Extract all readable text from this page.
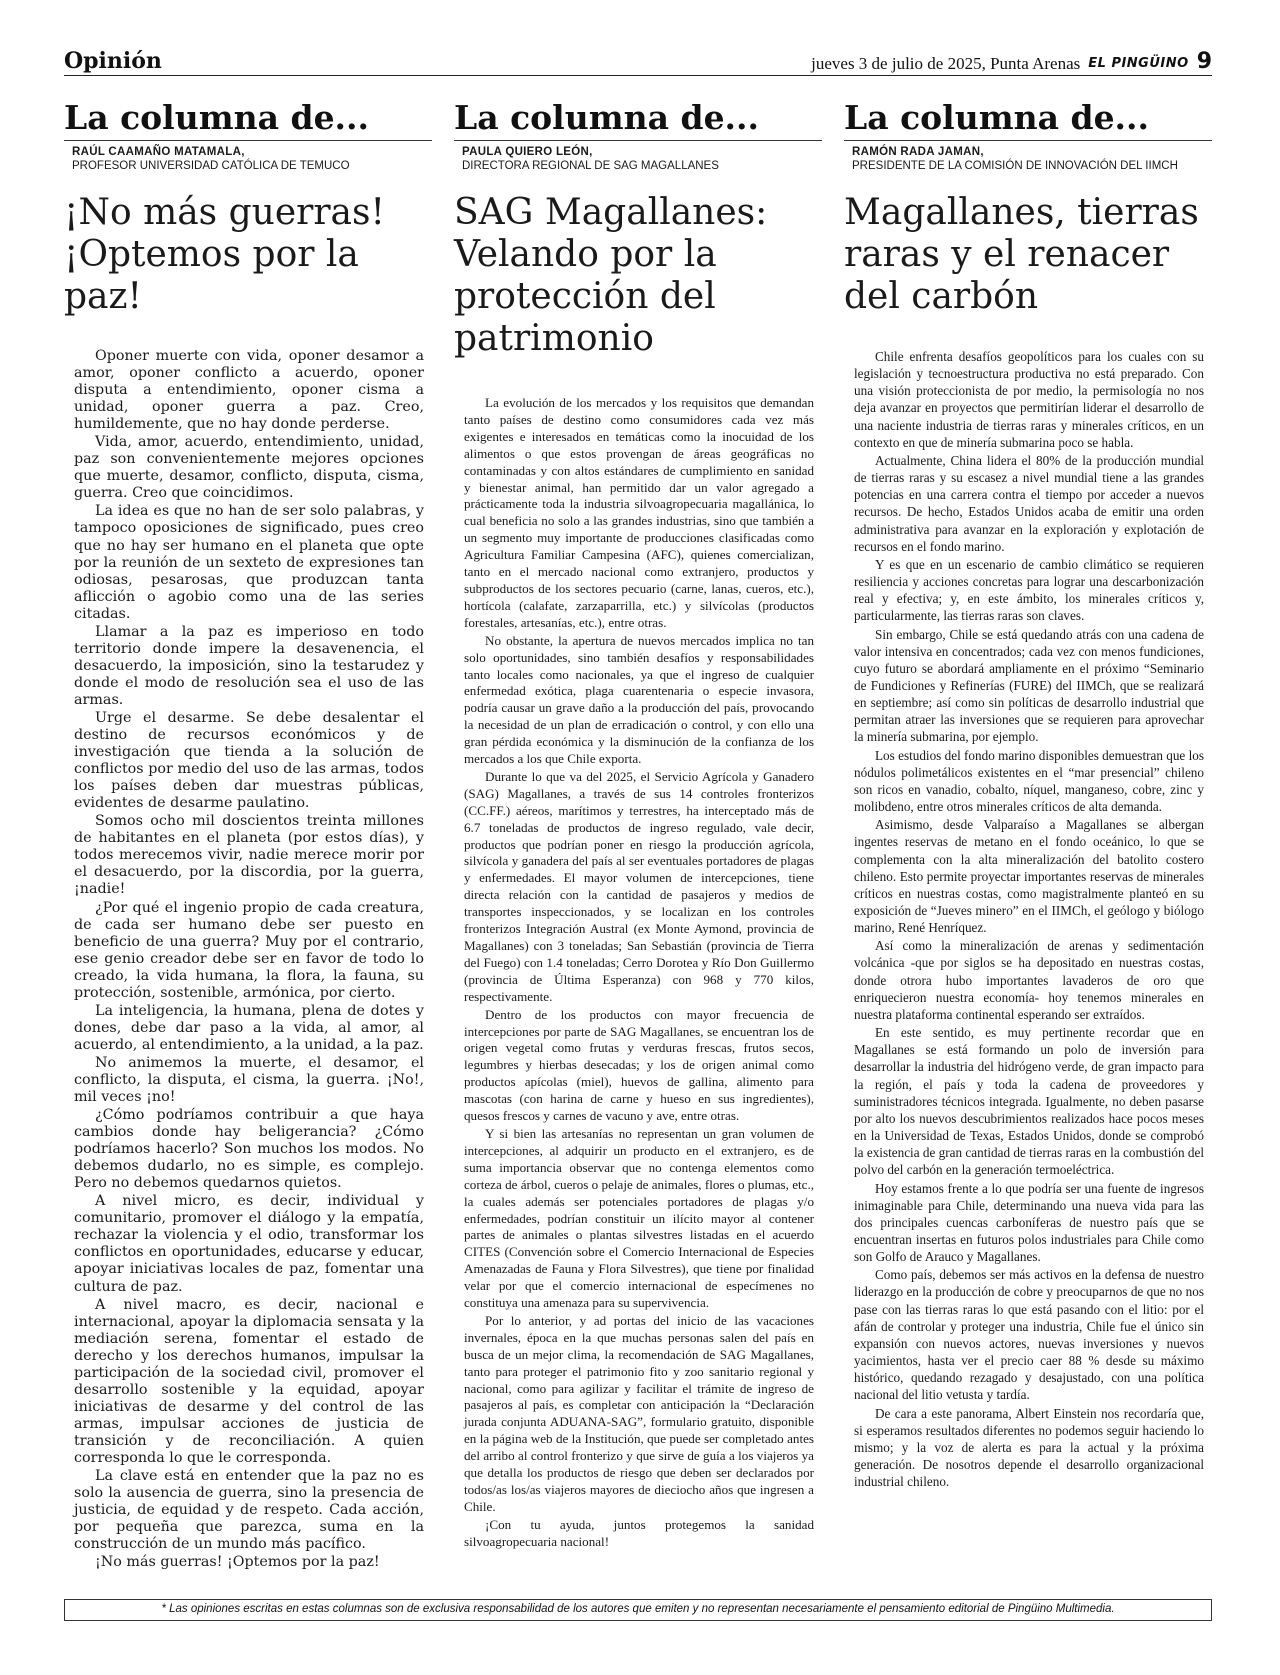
Opinión	jueves 3 de julio de 2025, Punta Arenas EL PINGÜINO 9
La columna de...
RAÚL CAAMAÑO MATAMALA,
PROFESOR UNIVERSIDAD CATÓLICA DE TEMUCO
¡No más guerras! ¡Optemos por la paz!

Oponer muerte con vida, oponer desamor a amor, oponer conflicto a acuerdo, oponer disputa a entendimiento, oponer cisma a unidad, oponer guerra a paz. Creo, humildemente, que no hay donde perderse.

Vida, amor, acuerdo, entendimiento, unidad, paz son convenientemente mejores opciones que muerte, desamor, conflicto, disputa, cisma, guerra. Creo que coincidimos.

La idea es que no han de ser solo palabras, y tampoco oposiciones de significado, pues creo que no hay ser humano en el planeta que opte por la reunión de un sexteto de expresiones tan odiosas, pesarosas, que produzcan tanta aflicción o agobio como una de las series citadas.

Llamar a la paz es imperioso en todo territorio donde impere la desavenencia, el desacuerdo, la imposición, sino la testarudez y donde el modo de resolución sea el uso de las armas.

Urge el desarme. Se debe desalentar el destino de recursos económicos y de investigación que tienda a la solución de conflictos por medio del uso de las armas, todos los países deben dar muestras públicas, evidentes de desarme paulatino.

Somos ocho mil doscientos treinta millones de habitantes en el planeta (por estos días), y todos merecemos vivir, nadie merece morir por el desacuerdo, por la discordia, por la guerra, ¡nadie!

¿Por qué el ingenio propio de cada creatura, de cada ser humano debe ser puesto en beneficio de una guerra? Muy por el contrario, ese genio creador debe ser en favor de todo lo creado, la vida humana, la flora, la fauna, su protección, sostenible, armónica, por cierto.

La inteligencia, la humana, plena de dotes y dones, debe dar paso a la vida, al amor, al acuerdo, al entendimiento, a la unidad, a la paz.

No animemos la muerte, el desamor, el conflicto, la disputa, el cisma, la guerra. ¡No!, mil veces ¡no!

¿Cómo podríamos contribuir a que haya cambios donde hay beligerancia? ¿Cómo podríamos hacerlo? Son muchos los modos. No debemos dudarlo, no es simple, es complejo. Pero no debemos quedarnos quietos.

A nivel micro, es decir, individual y comunitario, promover el diálogo y la empatía, rechazar la violencia y el odio, transformar los conflictos en oportunidades, educarse y educar, apoyar iniciativas locales de paz, fomentar una cultura de paz.

A nivel macro, es decir, nacional e internacional, apoyar la diplomacia sensata y la mediación serena, fomentar el estado de derecho y los derechos humanos, impulsar la participación de la sociedad civil, promover el desarrollo sostenible y la equidad, apoyar iniciativas de desarme y del control de las armas, impulsar acciones de justicia de transición y de reconciliación. A quien corresponda lo que le corresponda.

La clave está en entender que la paz no es solo la ausencia de guerra, sino la presencia de justicia, de equidad y de respeto. Cada acción, por pequeña que parezca, suma en la construcción de un mundo más pacífico.

¡No más guerras! ¡Optemos por la paz!

La columna de...
PAULA QUIERO LEÓN,
DIRECTORA REGIONAL DE SAG MAGALLANES
SAG Magallanes: Velando por la protección del patrimonio

La evolución de los mercados y los requisitos que demandan tanto países de destino como consumidores cada vez más exigentes e interesados en temáticas como la inocuidad de los alimentos o que estos provengan de áreas geográficas no contaminadas y con altos estándares de cumplimiento en sanidad y bienestar animal, han permitido dar un valor agregado a prácticamente toda la industria silvoagropecuaria magallánica, lo cual beneficia no solo a las grandes industrias, sino que también a un segmento muy importante de producciones clasificadas como Agricultura Familiar Campesina (AFC), quienes comercializan, tanto en el mercado nacional como extranjero, productos y subproductos de los sectores pecuario (carne, lanas, cueros, etc.), hortícola (calafate, zarzaparrilla, etc.) y silvícolas (productos forestales, artesanías, etc.), entre otras.

No obstante, la apertura de nuevos mercados implica no tan solo oportunidades, sino también desafíos y responsabilidades tanto locales como nacionales, ya que el ingreso de cualquier enfermedad exótica, plaga cuarentenaria o especie invasora, podría causar un grave daño a la producción del país, provocando la necesidad de un plan de erradicación o control, y con ello una gran pérdida económica y la disminución de la confianza de los mercados a los que Chile exporta.

Durante lo que va del 2025, el Servicio Agrícola y Ganadero (SAG) Magallanes, a través de sus 14 controles fronterizos (CC.FF.) aéreos, marítimos y terrestres, ha interceptado más de 6.7 toneladas de productos de ingreso regulado, vale decir, productos que podrían poner en riesgo la producción agrícola, silvícola y ganadera del país al ser eventuales portadores de plagas y enfermedades. El mayor volumen de intercepciones, tiene directa relación con la cantidad de pasajeros y medios de transportes inspeccionados, y se localizan en los controles fronterizos Integración Austral (ex Monte Aymond, provincia de Magallanes) con 3 toneladas; San Sebastián (provincia de Tierra del Fuego) con 1.4 toneladas; Cerro Dorotea y Río Don Guillermo (provincia de Última Esperanza) con 968 y 770 kilos, respectivamente.

Dentro de los productos con mayor frecuencia de intercepciones por parte de SAG Magallanes, se encuentran los de origen vegetal como frutas y verduras frescas, frutos secos, legumbres y hierbas desecadas; y los de origen animal como productos apícolas (miel), huevos de gallina, alimento para mascotas (con harina de carne y hueso en sus ingredientes), quesos frescos y carnes de vacuno y ave, entre otras.

Y si bien las artesanías no representan un gran volumen de intercepciones, al adquirir un producto en el extranjero, es de suma importancia observar que no contenga elementos como corteza de árbol, cueros o pelaje de animales, flores o plumas, etc., la cuales además ser potenciales portadores de plagas y/o enfermedades, podrían constituir un ilícito mayor al contener partes de animales o plantas silvestres listadas en el acuerdo CITES (Convención sobre el Comercio Internacional de Especies Amenazadas de Fauna y Flora Silvestres), que tiene por finalidad velar por que el comercio internacional de especímenes no constituya una amenaza para su supervivencia.

Por lo anterior, y ad portas del inicio de las vacaciones invernales, época en la que muchas personas salen del país en busca de un mejor clima, la recomendación de SAG Magallanes, tanto para proteger el patrimonio fito y zoo sanitario regional y nacional, como para agilizar y facilitar el trámite de ingreso de pasajeros al país, es completar con anticipación la “Declaración jurada conjunta ADUANA-SAG”, formulario gratuito, disponible en la página web de la Institución, que puede ser completado antes del arribo al control fronterizo y que sirve de guía a los viajeros ya que detalla los productos de riesgo que deben ser declarados por todos/as los/as viajeros mayores de dieciocho años que ingresen a Chile.

¡Con tu ayuda, juntos protegemos la sanidad silvoagropecuaria nacional!

La columna de...
RAMÓN RADA JAMAN,
PRESIDENTE DE LA COMISIÓN DE INNOVACIÓN DEL IIMCH
Magallanes, tierras raras y el renacer del carbón

Chile enfrenta desafíos geopolíticos para los cuales con su legislación y tecnoestructura productiva no está preparado. Con una visión proteccionista de por medio, la permisología no nos deja avanzar en proyectos que permitirían liderar el desarrollo de una naciente industria de tierras raras y minerales críticos, en un contexto en que de minería submarina poco se habla.

Actualmente, China lidera el 80% de la producción mundial de tierras raras y su escasez a nivel mundial tiene a las grandes potencias en una carrera contra el tiempo por acceder a nuevos recursos. De hecho, Estados Unidos acaba de emitir una orden administrativa para avanzar en la exploración y explotación de recursos en el fondo marino.

Y es que en un escenario de cambio climático se requieren resiliencia y acciones concretas para lograr una descarbonización real y efectiva; y, en este ámbito, los minerales críticos y, particularmente, las tierras raras son claves.

Sin embargo, Chile se está quedando atrás con una cadena de valor intensiva en concentrados; cada vez con menos fundiciones, cuyo futuro se abordará ampliamente en el próximo “Seminario de Fundiciones y Refinerías (FURE) del IIMCh, que se realizará en septiembre; así como sin políticas de desarrollo industrial que permitan atraer las inversiones que se requieren para aprovechar la minería submarina, por ejemplo.

Los estudios del fondo marino disponibles demuestran que los nódulos polimetálicos existentes en el “mar presencial” chileno son ricos en vanadio, cobalto, níquel, manganeso, cobre, zinc y molibdeno, entre otros minerales críticos de alta demanda.

Asimismo, desde Valparaíso a Magallanes se albergan ingentes reservas de metano en el fondo oceánico, lo que se complementa con la alta mineralización del batolito costero chileno. Esto permite proyectar importantes reservas de minerales críticos en nuestras costas, como magistralmente planteó en su exposición de “Jueves minero” en el IIMCh, el geólogo y biólogo marino, René Henríquez.

Así como la mineralización de arenas y sedimentación volcánica -que por siglos se ha depositado en nuestras costas, donde otrora hubo importantes lavaderos de oro que enriquecieron nuestra economía- hoy tenemos minerales en nuestra plataforma continental esperando ser extraídos.

En este sentido, es muy pertinente recordar que en Magallanes se está formando un polo de inversión para desarrollar la industria del hidrógeno verde, de gran impacto para la región, el país y toda la cadena de proveedores y suministradores técnicos integrada. Igualmente, no deben pasarse por alto los nuevos descubrimientos realizados hace pocos meses en la Universidad de Texas, Estados Unidos, donde se comprobó la existencia de gran cantidad de tierras raras en la combustión del polvo del carbón en la generación termoeléctrica.

Hoy estamos frente a lo que podría ser una fuente de ingresos inimaginable para Chile, determinando una nueva vida para las dos principales cuencas carboníferas de nuestro país que se encuentran insertas en futuros polos industriales para Chile como son Golfo de Arauco y Magallanes.

Como país, debemos ser más activos en la defensa de nuestro liderazgo en la producción de cobre y preocuparnos de que no nos pase con las tierras raras lo que está pasando con el litio: por el afán de controlar y proteger una industria, Chile fue el único sin expansión con nuevos actores, nuevas inversiones y nuevos yacimientos, hasta ver el precio caer 88 % desde su máximo histórico, quedando rezagado y desajustado, con una política nacional del litio vetusta y tardía.

De cara a este panorama, Albert Einstein nos recordaría que, si esperamos resultados diferentes no podemos seguir haciendo lo mismo; y la voz de alerta es para la actual y la próxima generación. De nosotros depende el desarrollo organizacional industrial chileno.

* Las opiniones escritas en estas columnas son de exclusiva responsabilidad de los autores que emiten y no representan necesariamente el pensamiento editorial de Pingüino Multimedia.
